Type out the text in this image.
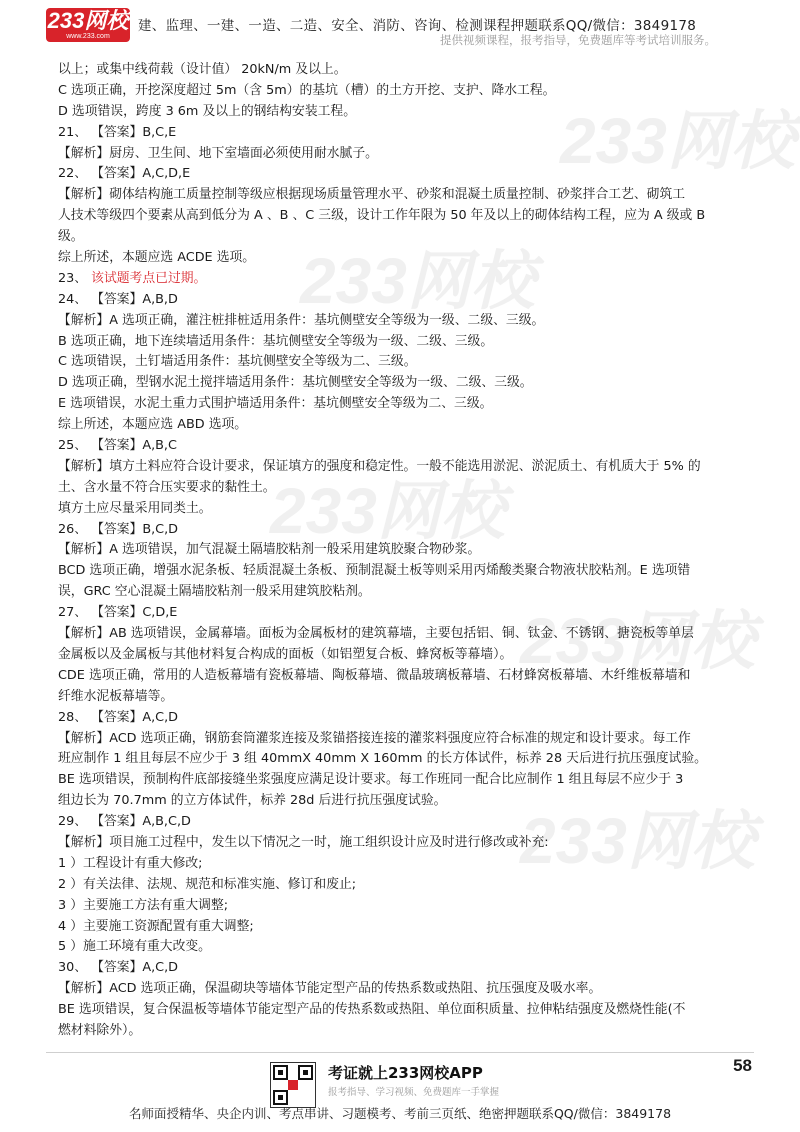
233网校
www.233.com
建、监理、一建、一造、二造、安全、消防、咨询、检测课程押题联系QQ/微信：3849178
提供视频课程，报考指导，免费题库等考试培训服务。
233网校
233网校
233网校
233网校
233网校
以上；或集中线荷载（设计值） 20kN/m 及以上。
C 选项正确，开挖深度超过 5m（含 5m）的基坑（槽）的土方开挖、支护、降水工程。
D 选项错误，跨度 3 6m 及以上的钢结构安装工程。
21、 【答案】B,C,E
【解析】厨房、卫生间、地下室墙面必须使用耐水腻子。
22、 【答案】A,C,D,E
【解析】砌体结构施工质量控制等级应根据现场质量管理水平、砂浆和混凝土质量控制、砂浆拌合工艺、砌筑工
人技术等级四个要素从高到低分为 A 、B 、C 三级，设计工作年限为 50 年及以上的砌体结构工程，应为 A 级或 B
级。
综上所述，本题应选 ACDE 选项。
23、 该试题考点已过期。
24、 【答案】A,B,D
【解析】A 选项正确，灌注桩排桩适用条件：基坑侧壁安全等级为一级、二级、三级。
B 选项正确，地下连续墙适用条件：基坑侧壁安全等级为一级、二级、三级。
C 选项错误，土钉墙适用条件：基坑侧壁安全等级为二、三级。
D 选项正确，型钢水泥土搅拌墙适用条件：基坑侧壁安全等级为一级、二级、三级。
E 选项错误，水泥土重力式围护墙适用条件：基坑侧壁安全等级为二、三级。
综上所述，本题应选 ABD 选项。
25、 【答案】A,B,C
【解析】填方土料应符合设计要求，保证填方的强度和稳定性。一般不能选用淤泥、淤泥质土、有机质大于 5% 的
土、含水量不符合压实要求的黏性土。
填方土应尽量采用同类土。
26、 【答案】B,C,D
【解析】A 选项错误，加气混凝土隔墙胶粘剂一般采用建筑胶聚合物砂浆。
BCD 选项正确，增强水泥条板、轻质混凝土条板、预制混凝土板等则采用丙烯酸类聚合物液状胶粘剂。E 选项错
误，GRC 空心混凝土隔墙胶粘剂一般采用建筑胶粘剂。
27、 【答案】C,D,E
【解析】AB 选项错误，金属幕墙。面板为金属板材的建筑幕墙，主要包括铝、铜、钛金、不锈钢、搪瓷板等单层
金属板以及金属板与其他材料复合构成的面板（如铝塑复合板、蜂窝板等幕墙）。
CDE 选项正确，常用的人造板幕墙有瓷板幕墙、陶板幕墙、微晶玻璃板幕墙、石材蜂窝板幕墙、木纤维板幕墙和
纤维水泥板幕墙等。
28、 【答案】A,C,D
【解析】ACD 选项正确，钢筋套筒灌浆连接及浆锚搭接连接的灌浆料强度应符合标准的规定和设计要求。每工作
班应制作 1 组且每层不应少于 3 组 40mmX 40mm X 160mm 的长方体试件，标养 28 天后进行抗压强度试验。
BE 选项错误，预制构件底部接缝坐浆强度应满足设计要求。每工作班同一配合比应制作 1 组且每层不应少于 3
组边长为 70.7mm 的立方体试件，标养 28d 后进行抗压强度试验。
29、 【答案】A,B,C,D
【解析】项目施工过程中，发生以下情况之一时，施工组织设计应及时进行修改或补充:
1 ）工程设计有重大修改;
2 ）有关法律、法规、规范和标准实施、修订和废止;
3 ）主要施工方法有重大调整;
4 ）主要施工资源配置有重大调整;
5 ）施工环境有重大改变。
30、 【答案】A,C,D
【解析】ACD 选项正确，保温砌块等墙体节能定型产品的传热系数或热阻、抗压强度及吸水率。
BE 选项错误，复合保温板等墙体节能定型产品的传热系数或热阻、单位面积质量、拉伸粘结强度及燃烧性能(不
燃材料除外）。
58
考证就上233网校APP
报考指导、学习视频、免费题库一手掌握
名师面授精华、央企内训、考点串讲、习题模考、考前三页纸、绝密押题联系QQ/微信：3849178
